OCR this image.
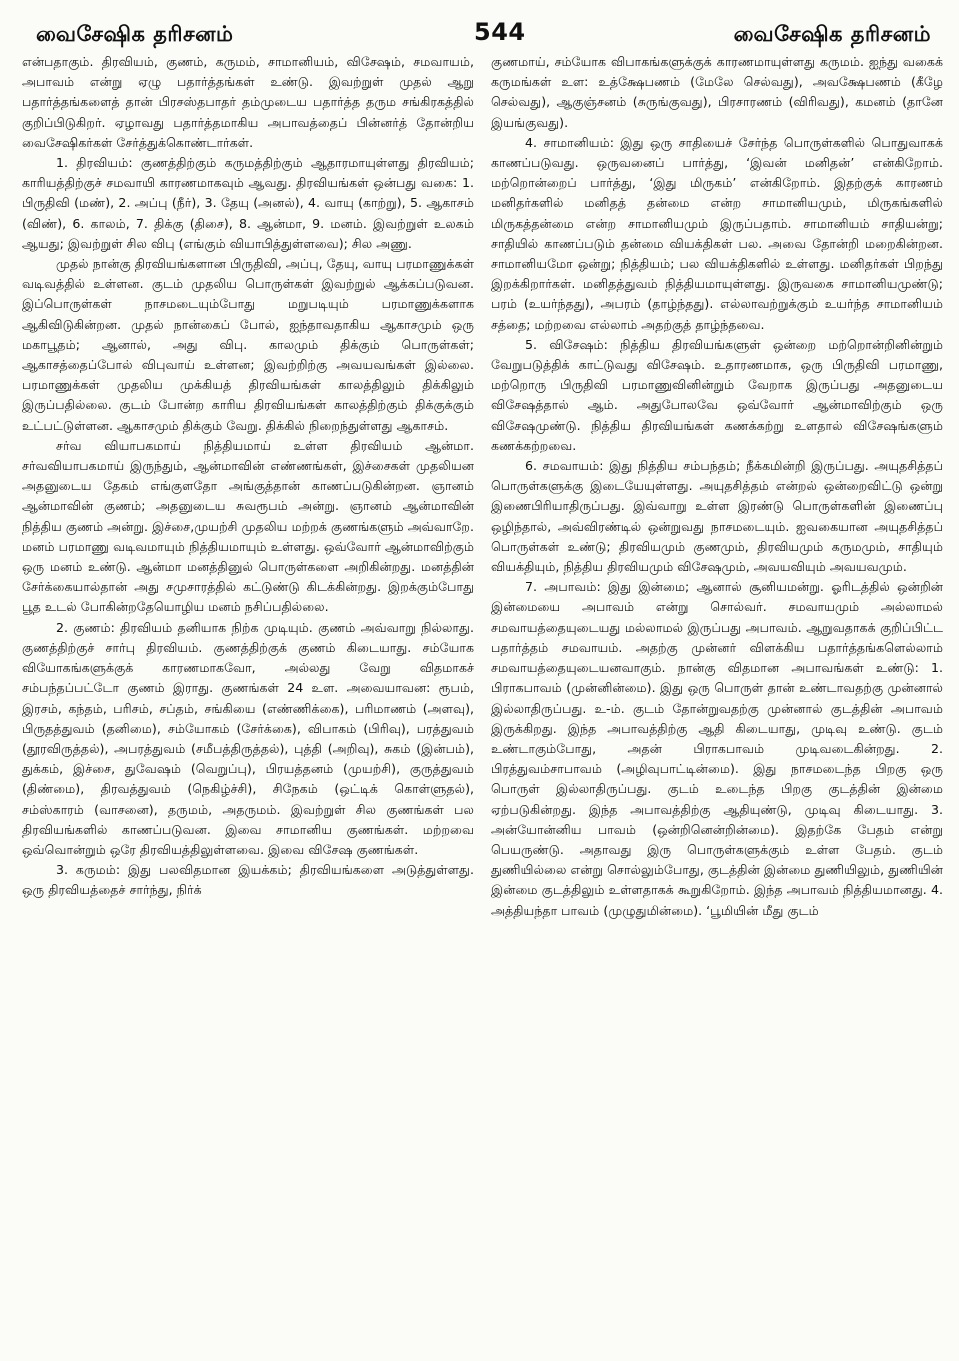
வைசேஷிக தரிசனம்	544	வைசேஷிக தரிசனம்

என்பதாகும். திரவியம், குணம், கருமம், சாமானியம், விசேஷம், சமவாயம், அபாவம் என்று ஏழு பதார்த்தங்கள் உண்டு. இவற்றுள் முதல் ஆறு பதார்த்தங்களைத் தான் பிரசஸ்தபாதர் தம்முடைய பதார்த்த தரும சங்கிரகத்தில் குறிப்பிடுகிறர். ஏழாவது பதார்த்தமாகிய அபாவத்தைப் பின்னர்த் தோன்றிய வைசேஷிகர்கள் சேர்த்துக்கொண்டார்கள்.

1. திரவியம்: குணத்திற்கும் கருமத்திற்கும் ஆதாரமாயுள்ளது திரவியம்; காரியத்திற்குச் சமவாயி காரணமாகவும் ஆவது. திரவியங்கள் ஒன்பது வகை: 1. பிருதிவி (மண்), 2. அப்பு (நீர்), 3. தேயு (அனல்), 4. வாயு (காற்று), 5. ஆகாசம் (விண்), 6. காலம், 7. திக்கு (திசை), 8. ஆன்மா, 9. மனம். இவற்றுள் உலகம் ஆயது; இவற்றுள் சில விபு (எங்கும் வியாபித்துள்ளவை); சில அணு.

முதல் நான்கு திரவியங்களான பிருதிவி, அப்பு, தேயு, வாயு பரமாணுக்கள் வடிவத்தில் உள்ளன. குடம் முதலிய பொருள்கள் இவற்றுல் ஆக்கப்படுவன. இப்பொருள்கள் நாசமடையும்போது மறுபடியும் பரமாணுக்களாக ஆகிவிடுகின்றன. முதல் நான்கைப் போல், ஐந்தாவதாகிய ஆகாசமும் ஒரு மகாபூதம்; ஆனால், அது விபு. காலமும் திக்கும் பொருள்கள்; ஆகாசத்தைப்போல் விபுவாய் உள்ளன; இவற்றிற்கு அவயவங்கள் இல்லை. பரமாணுக்கள் முதலிய முக்கியத் திரவியங்கள் காலத்திலும் திக்கிலும் இருப்பதில்லை. குடம் போன்ற காரிய திரவியங்கள் காலத்திற்கும் திக்குக்கும் உட்பட்டுள்ளன. ஆகாசமும் திக்கும் வேறு. திக்கில் நிறைந்துள்ளது ஆகாசம்.

சர்வ வியாபகமாய் நித்தியமாய் உள்ள திரவியம் ஆன்மா. சர்வவியாபகமாய் இருந்தும், ஆன்மாவின் எண்ணங்கள், இச்சைகள் முதலியன அதனுடைய தேகம் எங்குளதோ அங்குத்தான் காணப்படுகின்றன. ஞானம் ஆன்மாவின் குணம்; அதனுடைய சுவரூபம் அன்று. ஞானம் ஆன்மாவின் நித்திய குணம் அன்று. இச்சை,முயற்சி முதலிய மற்றக் குணங்களும் அவ்வாறே. மனம் பரமாணு வடிவமாயும் நித்தியமாயும் உள்ளது. ஒவ்வோர் ஆன்மாவிற்கும் ஒரு மனம் உண்டு. ஆன்மா மனத்தினுல் பொருள்களை அறிகின்றது. மனத்தின் சேர்க்கையால்தான் அது சமுசாரத்தில் கட்டுண்டு கிடக்கின்றது. இறக்கும்போது பூத உடல் போகின்றதேயொழிய மனம் நசிப்பதில்லை.

2. குணம்: திரவியம் தனியாக நிற்க முடியும். குணம் அவ்வாறு நில்லாது. குணத்திற்குச் சார்பு திரவியம். குணத்திற்குக் குணம் கிடையாது. சம்யோக வியோகங்களுக்குக் காரணமாகவோ, அல்லது வேறு விதமாகச் சம்பந்தப்பட்டோ குணம் இராது. குணங்கள் 24 உள. அவையாவன: ரூபம், இரசம், கந்தம், பரிசம், சப்தம், சங்கியை (எண்ணிக்கை), பரிமாணம் (அளவு), பிருதத்துவம் (தனிமை), சம்யோகம் (சேர்க்கை), விபாகம் (பிரிவு), பரத்துவம் (தூரவிருத்தல்), அபரத்துவம் (சமீபத்திருத்தல்), புத்தி (அறிவு), சுகம் (இன்பம்), துக்கம், இச்சை, துவேஷம் (வெறுப்பு), பிரயத்தனம் (முயற்சி), குருத்துவம் (திண்மை), திரவத்துவம் (நெகிழ்ச்சி), சிநேகம் (ஒட்டிக் கொள்ளுதல்), சம்ஸ்காரம் (வாசனை), தருமம், அதருமம். இவற்றுள் சில குணங்கள் பல திரவியங்களில் காணப்படுவன. இவை சாமானிய குணங்கள். மற்றவை ஒவ்வொன்றும் ஒரே திரவியத்திலுள்ளவை. இவை விசேஷ குணங்கள்.

3. கருமம்: இது பலவிதமான இயக்கம்; திரவியங்களை அடுத்துள்ளது. ஒரு திரவியத்தைச் சார்ந்து, நிர்க்

குணமாய், சம்யோக விபாகங்களுக்குக் காரணமாயுள்ளது கருமம். ஐந்து வகைக் கருமங்கள் உள: உத்க்ஷேபணம் (மேலே செல்வது), அவக்ஷேபணம் (கீழே செல்வது), ஆகுஞ்சனம் (சுருங்குவது), பிரசாரணம் (விரிவது), கமனம் (தானே இயங்குவது).

4. சாமானியம்: இது ஒரு சாதியைச் சேர்ந்த பொருள்களில் பொதுவாகக் காணப்படுவது. ஒருவனைப் பார்த்து, ‘இவன் மனிதன்’ என்கிறோம். மற்றொன்றைப் பார்த்து, ‘இது மிருகம்’ என்கிறோம். இதற்குக் காரணம் மனிதர்களில் மனிதத் தன்மை என்ற சாமானியமும், மிருகங்களில் மிருகத்தன்மை என்ற சாமானியமும் இருப்பதாம். சாமானியம் சாதியன்று; சாதியில் காணப்படும் தன்மை வியக்திகள் பல. அவை தோன்றி மறைகின்றன. சாமானியமோ ஒன்று; நித்தியம்; பல வியக்திகளில் உள்ளது. மனிதர்கள் பிறந்து இறக்கிறார்கள். மனிதத்துவம் நித்தியமாயுள்ளது. இருவகை சாமானியமுண்டு; பரம் (உயர்ந்தது), அபரம் (தாழ்ந்தது). எல்லாவற்றுக்கும் உயர்ந்த சாமானியம் சத்தை; மற்றவை எல்லாம் அதற்குத் தாழ்ந்தவை.

5. விசேஷம்: நித்திய திரவியங்களுள் ஒன்றை மற்றொன்றினின்றும் வேறுபடுத்திக் காட்டுவது விசேஷம். உதாரணமாக, ஒரு பிருதிவி பரமாணு, மற்றொரு பிருதிவி பரமாணுவினின்றும் வேறாக இருப்பது அதனுடைய விசேஷத்தால் ஆம். அதுபோலவே ஒவ்வோர் ஆன்மாவிற்கும் ஒரு விசேஷமுண்டு. நித்திய திரவியங்கள் கணக்கற்று உளதால் விசேஷங்களும் கணக்கற்றவை.

6. சமவாயம்: இது நித்திய சம்பந்தம்; நீக்கமின்றி இருப்பது. அயுதசித்தப் பொருள்களுக்கு இடையேயுள்ளது. அயுதசித்தம் என்றல் ஒன்றைவிட்டு ஒன்று இணைபிரியாதிருப்பது. இவ்வாறு உள்ள இரண்டு பொருள்களின் இணைப்பு ஒழிந்தால், அவ்விரண்டில் ஒன்றுவது நாசமடையும். ஐவகையான அயுதசித்தப் பொருள்கள் உண்டு; திரவியமும் குணமும், திரவியமும் கருமமும், சாதியும் வியக்தியும், நித்திய திரவியமும் விசேஷமும், அவயவியும் அவயவமும்.

7. அபாவம்: இது இன்மை; ஆனால் சூனியமன்று. ஓரிடத்தில் ஒன்றின் இன்மையை அபாவம் என்று சொல்வர். சமவாயமும் அல்லாமல் சமவாயத்தையுடையது மல்லாமல் இருப்பது அபாவம். ஆறுவதாகக் குறிப்பிட்ட பதார்த்தம் சமவாயம். அதற்கு முன்னர் விளக்கிய பதார்த்தங்களெல்லாம் சமவாயத்தையுடையனவாகும். நான்கு விதமான அபாவங்கள் உண்டு: 1. பிராகபாவம் (முன்னின்மை). இது ஒரு பொருள் தான் உண்டாவதற்கு முன்னால் இல்லாதிருப்பது. உ-ம். குடம் தோன்றுவதற்கு முன்னால் குடத்தின் அபாவம் இருக்கிறது. இந்த அபாவத்திற்கு ஆதி கிடையாது, முடிவு உண்டு. குடம் உண்டாகும்போது, அதன் பிராகபாவம் முடிவடைகின்றது. 2. பிரத்துவம்சாபாவம் (அழிவுபாட்டின்மை). இது நாசமடைந்த பிறகு ஒரு பொருள் இல்லாதிருப்பது. குடம் உடைந்த பிறகு குடத்தின் இன்மை ஏற்படுகின்றது. இந்த அபாவத்திற்கு ஆதியுண்டு, முடிவு கிடையாது. 3. அன்யோன்னிய பாவம் (ஒன்றினென்றின்மை). இதற்கே பேதம் என்று பெயருண்டு. அதாவது இரு பொருள்களுக்கும் உள்ள பேதம். குடம் துணியில்லை என்று சொல்லும்போது, குடத்தின் இன்மை துணியிலும், துணியின் இன்மை குடத்திலும் உள்ளதாகக் கூறுகிறோம். இந்த அபாவம் நித்தியமானது. 4. அத்தியந்தா பாவம் (முழுதுமின்மை). ‘பூமியின் மீது குடம்
